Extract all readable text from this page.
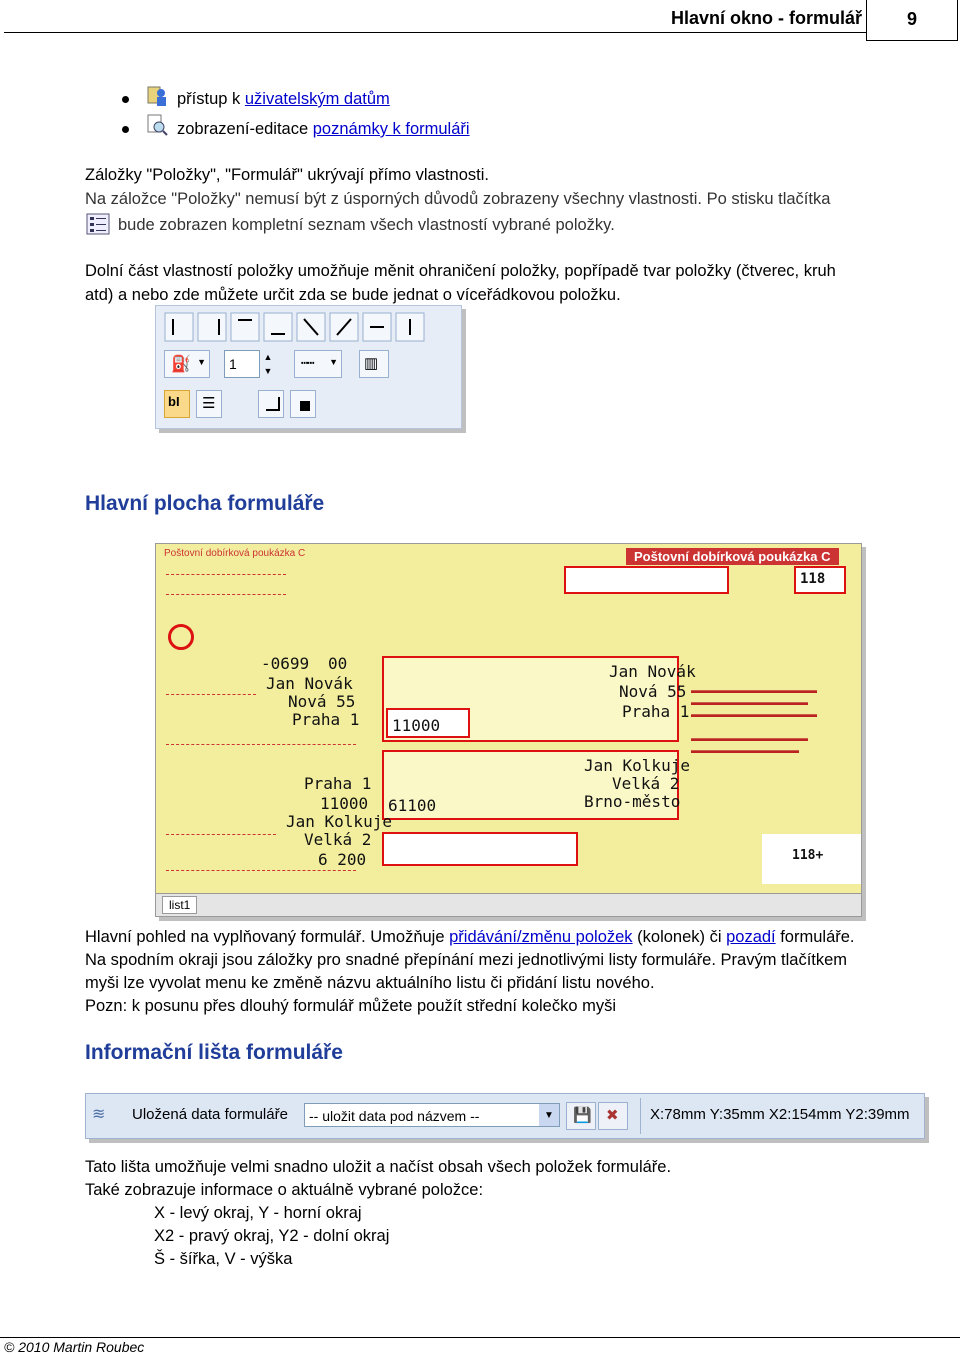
Hlavní okno - formulář	9
přístup k uživatelským datům
zobrazení-editace poznámky k formuláři
Záložky "Položky", "Formulář" ukrývají přímo vlastnosti.
Na záložce "Položky" nemusí být z úsporných důvodů zobrazeny všechny vlastnosti. Po stisku tlačítka
bude zobrazen kompletní seznam všech vlastností vybrané položky.
Dolní část vlastností položky umožňuje měnit ohraničení položky, popřípadě tvar položky (čtverec, kruh
atd) a nebo zde můžete určit zda se bude jednat o víceřádkovou položku.
⛽ ▼	1	▲
▼
┅┅ ▼ ▥
bI ☰
Hlavní plocha formuláře
Poštovní dobírková poukázka C	Poštovní dobírková poukázka C
118
-0699 00	Jan Novák
Nová 55
Praha 1
11000
Jan Kolkuje
Velká 2
Brno-město
61100
Jan Novák
Nová 55
Praha 1
Praha 1
11000
Jan Kolkuje
Velká 2
6 200
▬▬▬▬▬▬▬▬▬▬▬▬▬▬
▬▬▬▬▬▬▬▬▬▬▬▬▬
▬▬▬▬▬▬▬▬▬▬▬▬▬▬

▬▬▬▬▬▬▬▬▬▬▬▬▬
▬▬▬▬▬▬▬▬▬▬▬▬
118+
list1
Hlavní pohled na vyplňovaný formulář. Umožňuje přidávání/změnu položek (kolonek) či pozadí formuláře.
Na spodním okraji jsou záložky pro snadné přepínání mezi jednotlivými listy formuláře. Pravým tlačítkem
myši lze vyvolat menu ke změně názvu aktuálního listu či přidání listu nového.
Pozn: k posunu přes dlouhý formulář můžete použít střední kolečko myši
Informační lišta formuláře
≋ Uložená data formuláře	-- uložit data pod názvem --	▼	💾 ✖ X:78mm Y:35mm X2:154mm Y2:39mm
Tato lišta umožňuje velmi snadno uložit a načíst obsah všech položek formuláře.
Také zobrazuje informace o aktuálně vybrané položce:
X - levý okraj, Y - horní okraj
X2 - pravý okraj, Y2 - dolní okraj
Š - šířka, V - výška
© 2010 Martin Roubec
